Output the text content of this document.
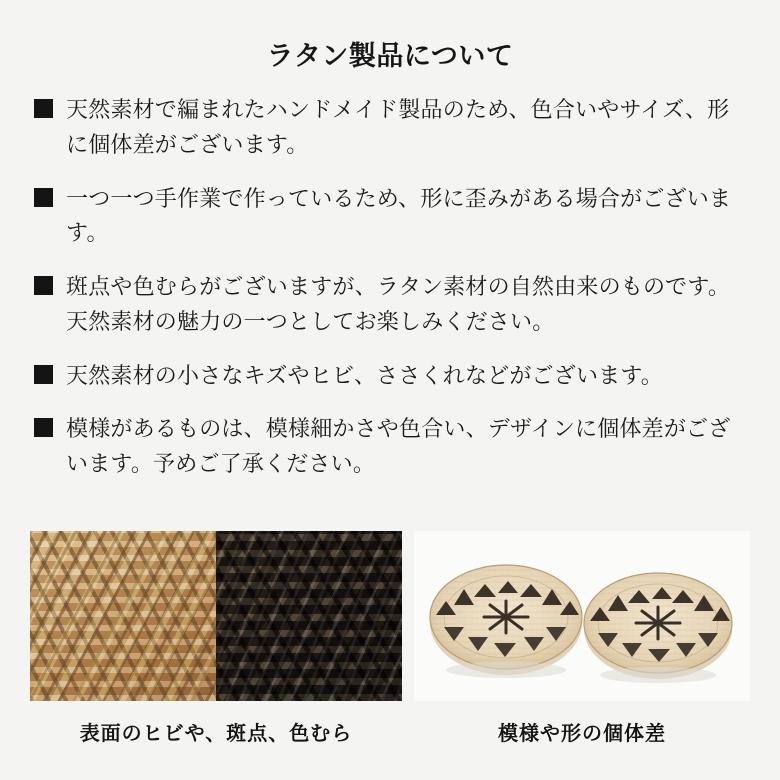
ラタン製品について
天然素材で編まれたハンドメイド製品のため、色合いやサイズ、形に個体差がございます。
一つ一つ手作業で作っているため、形に歪みがある場合がございます。
斑点や色むらがございますが、ラタン素材の自然由来のものです。天然素材の魅力の一つとしてお楽しみください。
天然素材の小さなキズやヒビ、ささくれなどがございます。
模様があるものは、模様細かさや色合い、デザインに個体差がございます。予めご了承ください。
表面のヒビや、斑点、色むら	模様や形の個体差
